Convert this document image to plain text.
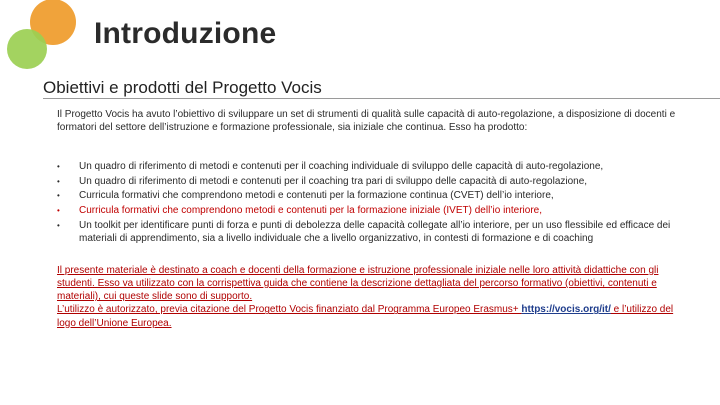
Introduzione
Obiettivi e prodotti del Progetto Vocis

Il Progetto Vocis ha avuto l’obiettivo di sviluppare un set di strumenti di qualità sulle capacità di auto-regolazione, a disposizione di docenti e formatori del settore dell’istruzione e formazione professionale, sia iniziale che continua. Esso ha prodotto:

• Un quadro di riferimento di metodi e contenuti per il coaching individuale di sviluppo delle capacità di auto-regolazione,
• Un quadro di riferimento di metodi e contenuti per il coaching tra pari di sviluppo delle capacità di auto-regolazione,
• Curricula formativi che comprendono metodi e contenuti per la formazione continua (CVET) dell’io interiore,
• Curricula formativi che comprendono metodi e contenuti per la formazione iniziale (IVET) dell’io interiore,
• Un toolkit per identificare punti di forza e punti di debolezza delle capacità collegate all’io interiore, per un uso flessibile ed efficace dei materiali di apprendimento, sia a livello individuale che a livello organizzativo, in contesti di formazione e di coaching

Il presente materiale è destinato a coach e docenti della formazione e istruzione professionale iniziale nelle loro attività didattiche con gli studenti. Esso va utilizzato con la corrispettiva guida che contiene la descrizione dettagliata del percorso formativo (obiettivi, contenuti e materiali), cui queste slide sono di supporto.

L’utilizzo è autorizzato, previa citazione del Progetto Vocis finanziato dal Programma Europeo Erasmus+ https://vocis.org/it/ e l’utilizzo del logo dell’Unione Europea.
